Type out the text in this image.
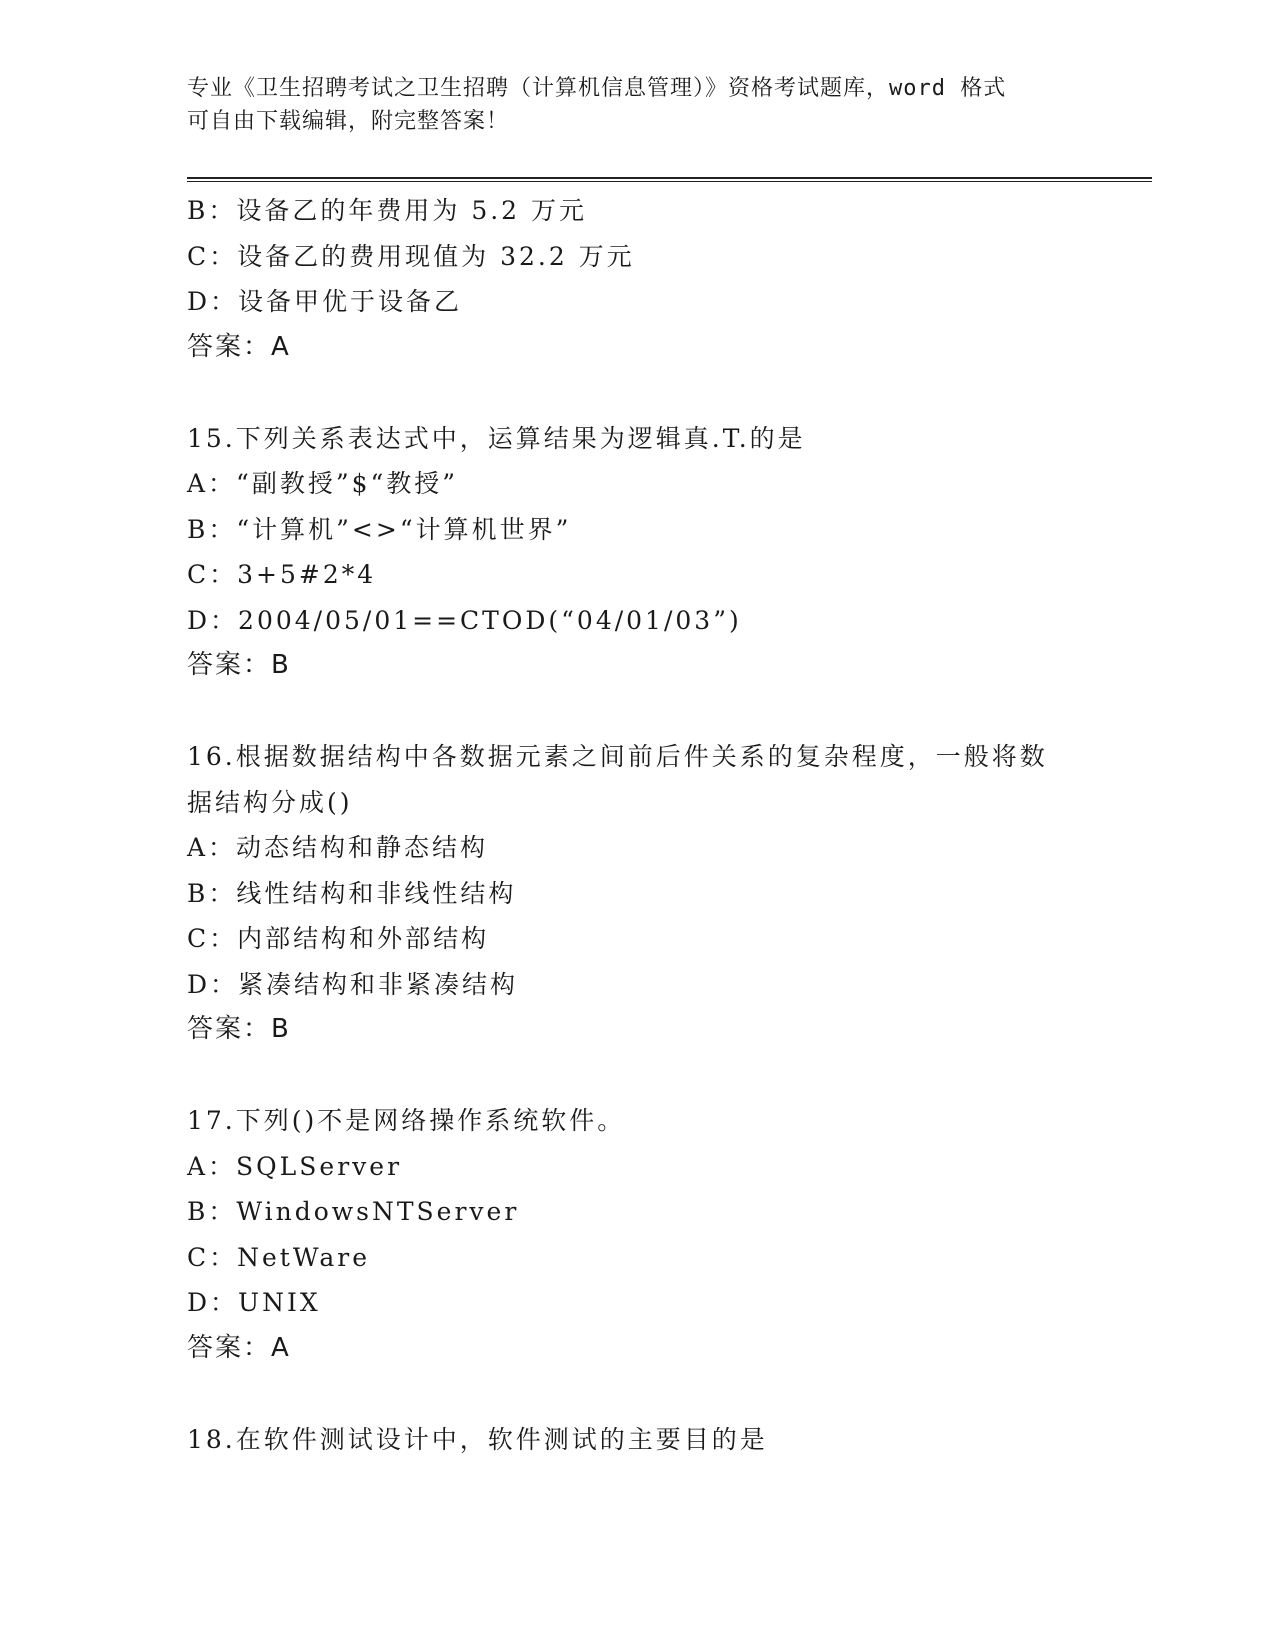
专业《卫生招聘考试之卫生招聘（计算机信息管理）》资格考试题库，word 格式
可自由下载编辑，附完整答案！
B：设备乙的年费用为 5.2 万元
C：设备乙的费用现值为 32.2 万元
D：设备甲优于设备乙
答案：A
15.下列关系表达式中，运算结果为逻辑真.T.的是
A：“副教授”$“教授”
B：“计算机”<>“计算机世界”
C：3+5#2*4
D：2004/05/01==CTOD(“04/01/03”)
答案：B
16.根据数据结构中各数据元素之间前后件关系的复杂程度，一般将数
据结构分成()
A：动态结构和静态结构
B：线性结构和非线性结构
C：内部结构和外部结构
D：紧凑结构和非紧凑结构
答案：B
17.下列()不是网络操作系统软件。
A：SQLServer
B：WindowsNTServer
C：NetWare
D：UNIX
答案：A
18.在软件测试设计中，软件测试的主要目的是
